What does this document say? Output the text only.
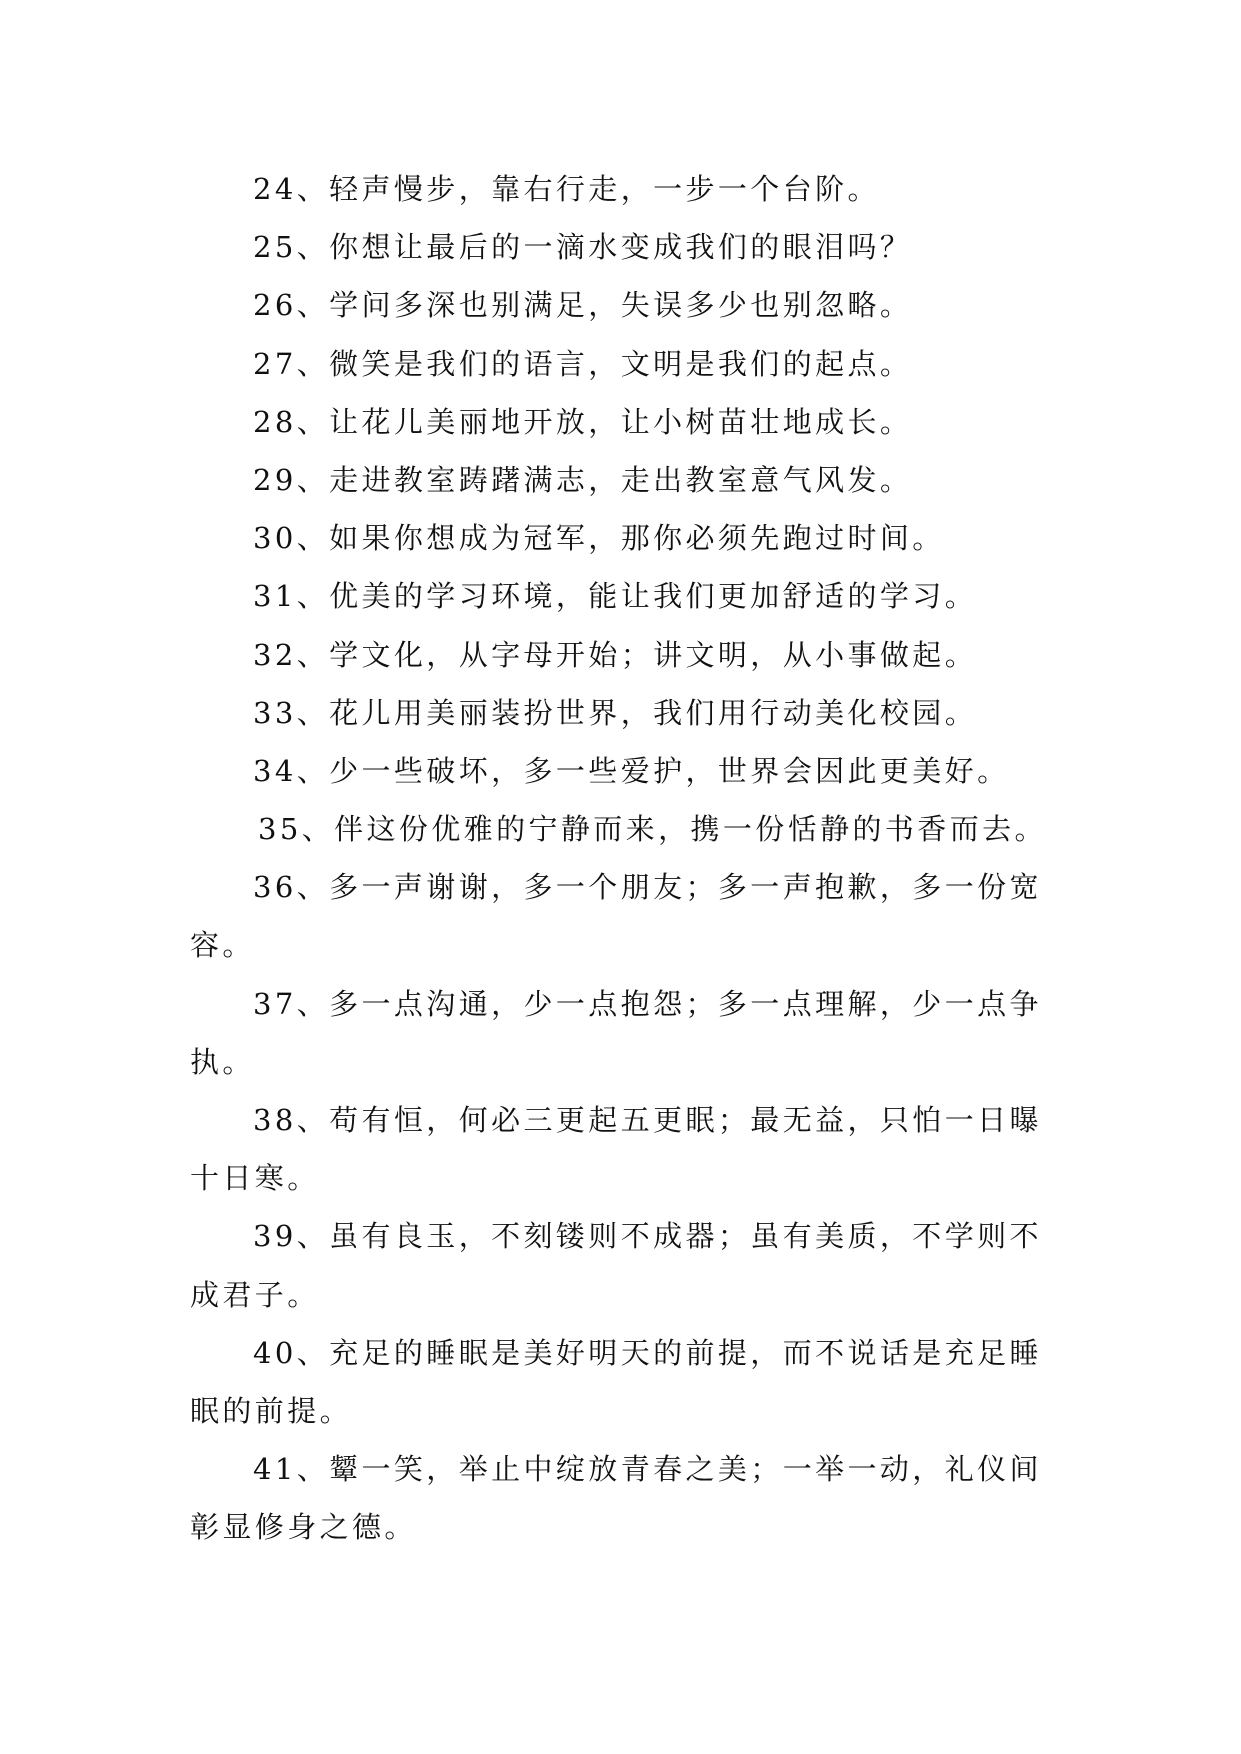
24、轻声慢步，靠右行走，一步一个台阶。
25、你想让最后的一滴水变成我们的眼泪吗？
26、学问多深也别满足，失误多少也别忽略。
27、微笑是我们的语言，文明是我们的起点。
28、让花儿美丽地开放，让小树苗壮地成长。
29、走进教室踌躇满志，走出教室意气风发。
30、如果你想成为冠军，那你必须先跑过时间。
31、优美的学习环境，能让我们更加舒适的学习。
32、学文化，从字母开始；讲文明，从小事做起。
33、花儿用美丽装扮世界，我们用行动美化校园。
34、少一些破坏，多一些爱护，世界会因此更美好。
35、伴这份优雅的宁静而来，携一份恬静的书香而去。
36、多一声谢谢，多一个朋友；多一声抱歉，多一份宽
容。
37、多一点沟通，少一点抱怨；多一点理解，少一点争
执。
38、苟有恒，何必三更起五更眠；最无益，只怕一日曝
十日寒。
39、虽有良玉，不刻镂则不成器；虽有美质，不学则不
成君子。
40、充足的睡眠是美好明天的前提，而不说话是充足睡
眠的前提。
41、颦一笑，举止中绽放青春之美；一举一动，礼仪间
彰显修身之德。
